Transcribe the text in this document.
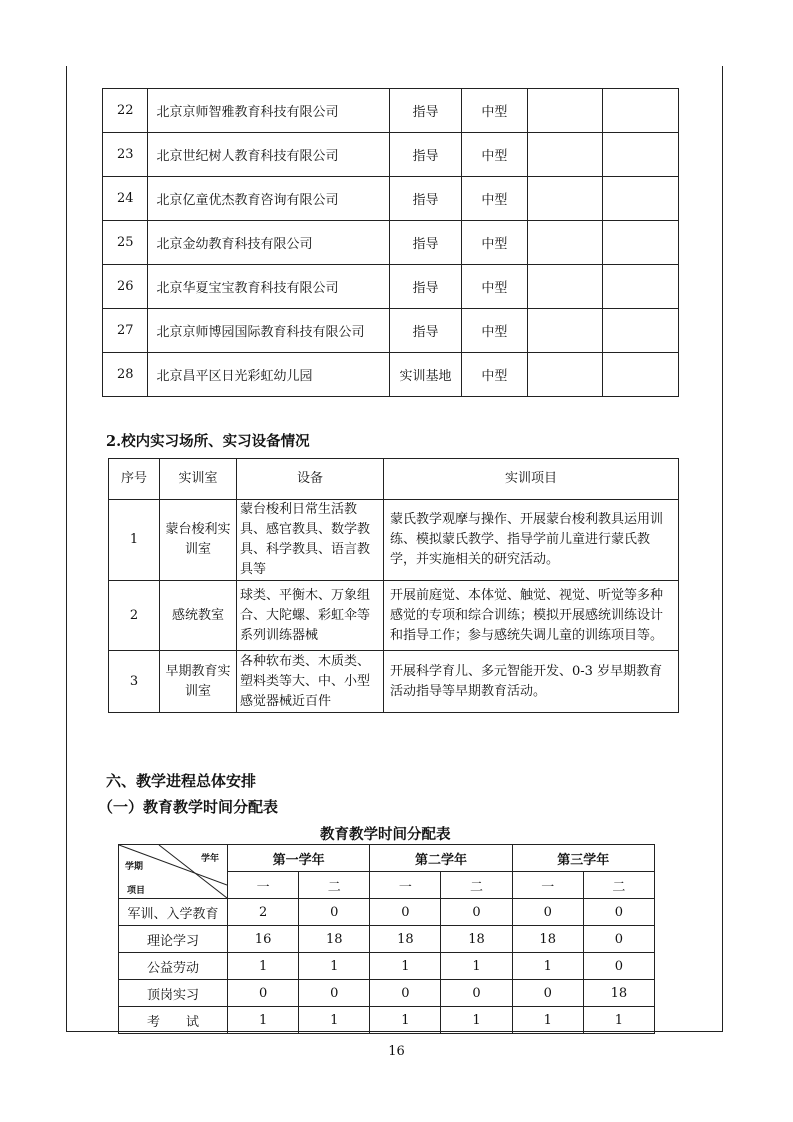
22	北京京师智雅教育科技有限公司	指导	中型		
23	北京世纪树人教育科技有限公司	指导	中型		
24	北京亿童优杰教育咨询有限公司	指导	中型		
25	北京金幼教育科技有限公司	指导	中型		
26	北京华夏宝宝教育科技有限公司	指导	中型		
27	北京京师博园国际教育科技有限公司	指导	中型		
28	北京昌平区日光彩虹幼儿园	实训基地	中型		
2.校内实习场所、实习设备情况
序号	实训室	设备	实训项目
1	蒙台梭利实训室	蒙台梭利日常生活教具、感官教具、数学教具、科学教具、语言教具等	蒙氏教学观摩与操作、开展蒙台梭利教具运用训练、模拟蒙氏教学、指导学前儿童进行蒙氏教学，并实施相关的研究活动。
2	感统教室	球类、平衡木、万象组合、大陀螺、彩虹伞等系列训练器械	开展前庭觉、本体觉、触觉、视觉、听觉等多种感觉的专项和综合训练；模拟开展感统训练设计和指导工作；参与感统失调儿童的训练项目等。
3	早期教育实训室	各种软布类、木质类、塑料类等大、中、小型感觉器械近百件	开展科学育儿、多元智能开发、0-3 岁早期教育活动指导等早期教育活动。
六、教学进程总体安排
（一）教育教学时间分配表
教育教学时间分配表
学期
学年
项目	第一学年		第二学年		第三学年	
	一	二	一	二	一	二
军训、入学教育	2	0	0	0	0	0
理论学习	16	18	18	18	18	0
公益劳动	1	1	1	1	1	0
顶岗实习	0	0	0	0	0	18
考　　试	1	1	1	1	1	1
16
